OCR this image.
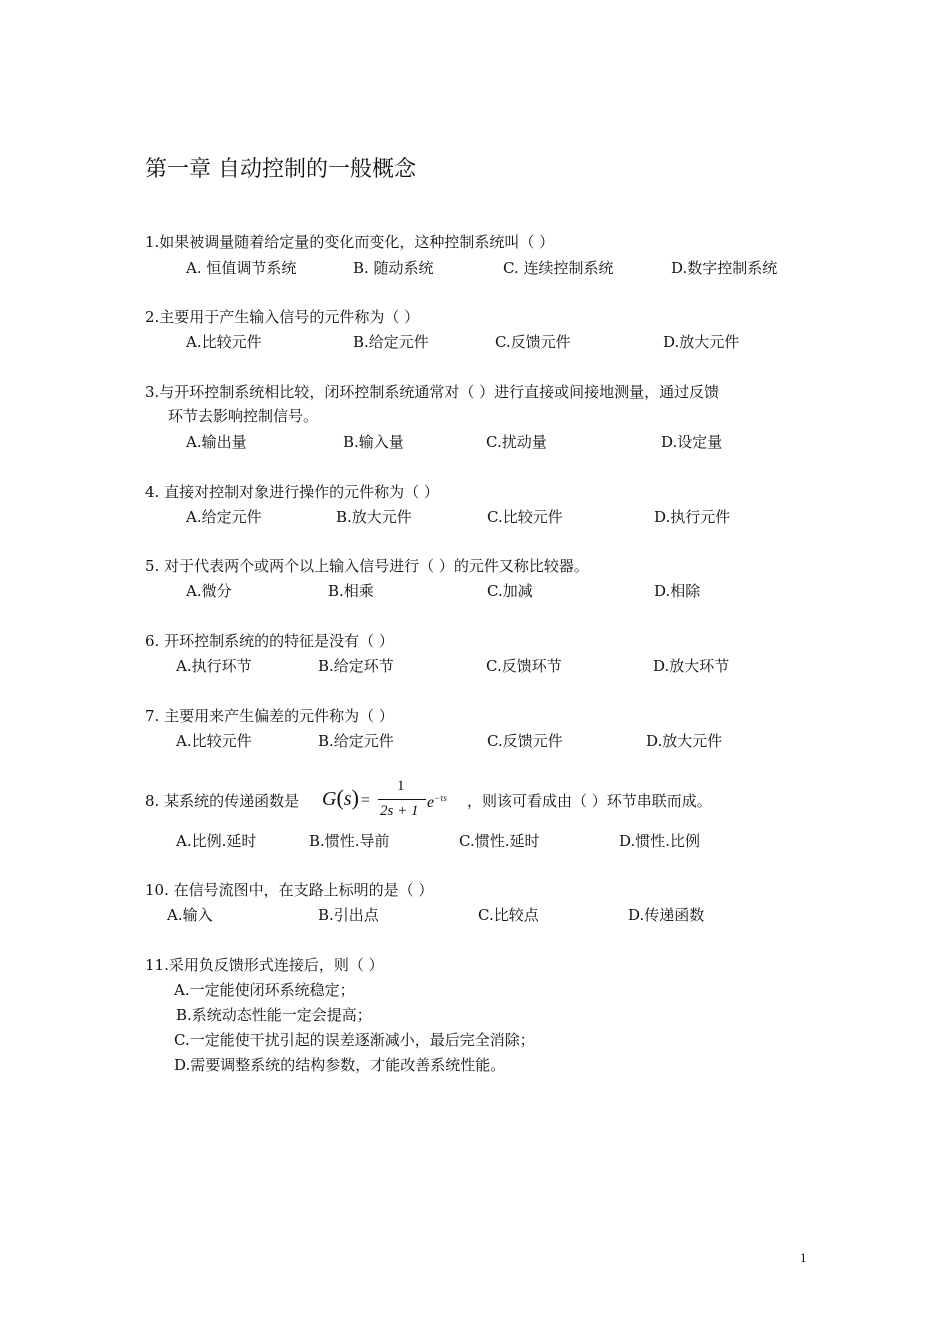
第一章 自动控制的一般概念
1.如果被调量随着给定量的变化而变化，这种控制系统叫（ ）
A. 恒值调节系统	B. 随动系统	C. 连续控制系统	D.数字控制系统
2.主要用于产生输入信号的元件称为（ ）
A.比较元件	B.给定元件	C.反馈元件	D.放大元件
3.与开环控制系统相比较，闭环控制系统通常对（ ）进行直接或间接地测量，通过反馈
环节去影响控制信号。
A.输出量	B.输入量	C.扰动量	D.设定量
4. 直接对控制对象进行操作的元件称为（ ）
A.给定元件	B.放大元件	C.比较元件	D.执行元件
5. 对于代表两个或两个以上输入信号进行（ ）的元件又称比较器。
A.微分	B.相乘	C.加减	D.相除
6. 开环控制系统的的特征是没有（ ）
A.执行环节	B.给定环节	C.反馈环节	D.放大环节
7. 主要用来产生偏差的元件称为（ ）
A.比较元件	B.给定元件	C.反馈元件	D.放大元件
8. 某系统的传递函数是 G(s) =
1
2s + 1 $e^{-\tau s}$ ，则该可看成由（ ）环节串联而成。
A.比例.延时	B.惯性.导前	C.惯性.延时	D.惯性.比例
10. 在信号流图中，在支路上标明的是（ ）
A.输入	B.引出点	C.比较点	D.传递函数
11.采用负反馈形式连接后，则（ ）
A.一定能使闭环系统稳定；
B.系统动态性能一定会提高；
C.一定能使干扰引起的误差逐渐减小，最后完全消除；
D.需要调整系统的结构参数，才能改善系统性能。
1
